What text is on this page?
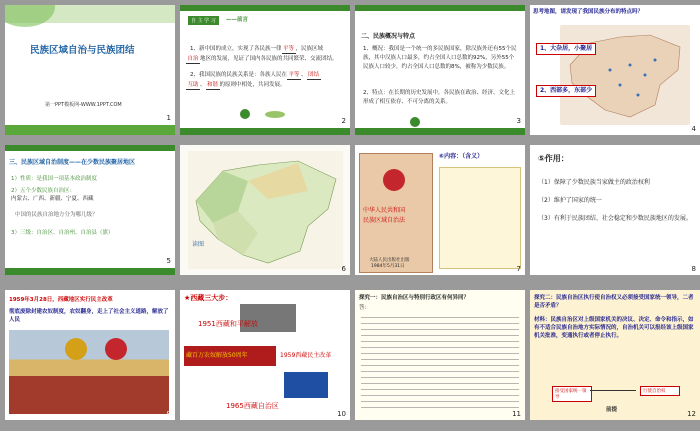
民族区域自治与民族团结
第一PPT模板网-WWW.1PPT.COM
1
自 主 学 习	——前言
1、新中国的成立，实现了各民族一律平等 ，民族区域
自治 地区的发展，见证了国内各民族的共同繁荣、交流团结。
2、我国民族的民族关系是：各族人民在平等 、团结
互助 、和谐 的原则中相处，共同发展。
2
二、民族概况与特点
1、概况：我国是一个统一的多民族国家，除汉族外还有55个民族，其中汉族人口最多，约占全国人口总数的92%，另外55个民族人口较少，约占全国人口总数的8%，被称为少数民族。
2、特点：在长期的历史发展中，各民族在政治、经济、文化上形成了相互依存、不可分离的关系。
3
思考地图，请发现了我国民族分布的特点吗？
1、大杂居，小聚居
2、西部多，东部少
4
三、民族区域自治制度——在少数民族聚居地区
1）性质：是我国一项基本政治制度
2）五个少数民族自治区：
内蒙古、广西、新疆、宁夏、西藏
中国的民族自治地方分为哪几级？
3）三级：自治区、自治州、自治县（旗）
5
读图
6
中华人民共和国
民族区域自治法
大陆人民出版社出版
1984年5月31日
⑥内容：（含义）
7
⑤作用：
（1）保障了少数民族当家做主的政治权利
（2）维护了国家的统一
（3）有利于民族团结、社会稳定和少数民族地区的发展。
8
1959年3月28日，西藏地区实行民主改革
彻底废除封建农奴制度，农奴翻身，走上了社会主义道路，解放了人民
9
★西藏三大步：
1951西藏和平解放
藏百万农奴解放50周年	1959西藏民主改革
1965西藏自治区
10
探究一：民族自治区与特别行政区有何异同？
答：
11
探究二：民族自治区执行使自治权又必须接受国家统一领导，二者是否矛盾？
材料：民族自治区对上级国家机关的决议、决定、命令和指示，如有不适合民族自治地方实际情况的，自治机关可以报经该上级国家机关批准，变通执行或者停止执行。
接受国家统一领导
行使自治权
前提	12
